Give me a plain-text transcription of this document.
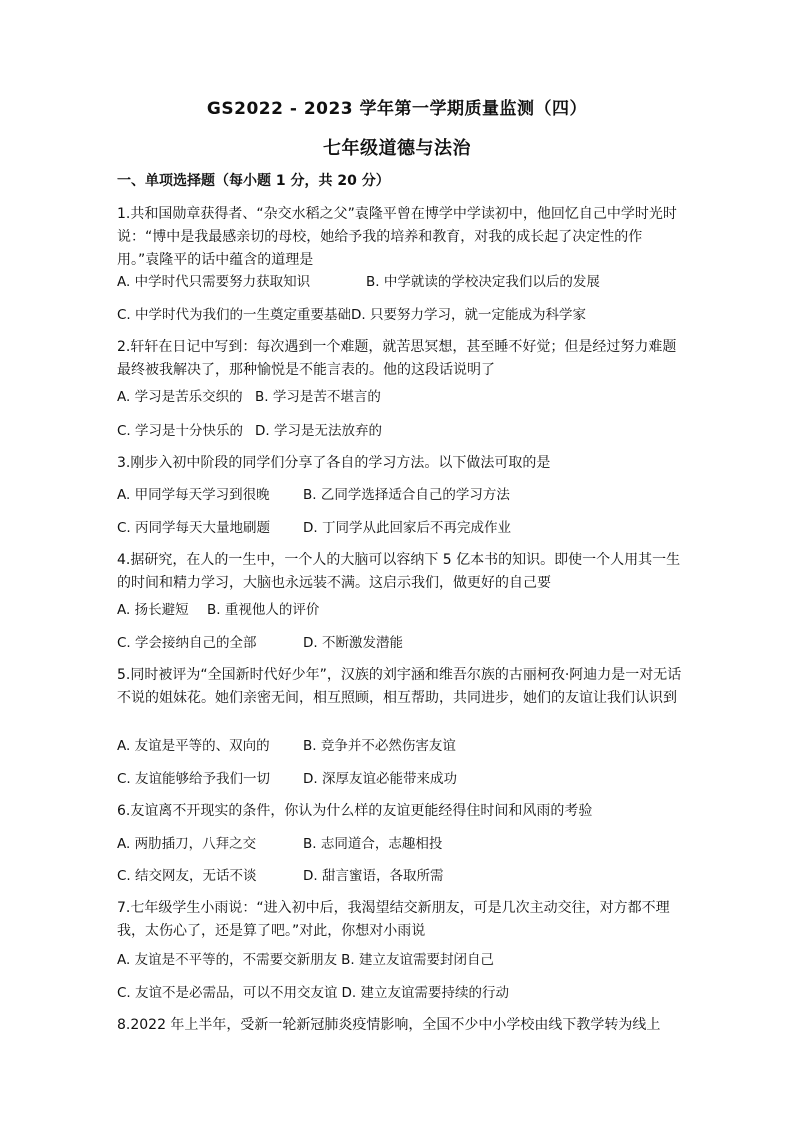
GS2022 - 2023 学年第一学期质量监测（四）
七年级道德与法治
一、单项选择题（每小题 1 分，共 20 分）
1.共和国勋章获得者、“杂交水稻之父”袁隆平曾在博学中学读初中，他回忆自己中学时光时说：“博中是我最感亲切的母校，她给予我的培养和教育，对我的成长起了决定性的作用。”袁隆平的话中蕴含的道理是
A. 中学时代只需要努力获取知识	B. 中学就读的学校决定我们以后的发展
C. 中学时代为我们的一生奠定重要基础D. 只要努力学习，就一定能成为科学家
2.轩轩在日记中写到：每次遇到一个难题，就苦思冥想，甚至睡不好觉；但是经过努力难题最终被我解决了，那种愉悦是不能言表的。他的这段话说明了
A. 学习是苦乐交织的 B. 学习是苦不堪言的
C. 学习是十分快乐的 D. 学习是无法放弃的
3.刚步入初中阶段的同学们分享了各自的学习方法。以下做法可取的是
A. 甲同学每天学习到很晚 B. 乙同学选择适合自己的学习方法
C. 丙同学每天大量地刷题 D. 丁同学从此回家后不再完成作业
4.据研究，在人的一生中，一个人的大脑可以容纳下 5 亿本书的知识。即使一个人用其一生的时间和精力学习，大脑也永远装不满。这启示我们，做更好的自己要
A. 扬长避短 B. 重视他人的评价
C. 学会接纳自己的全部	D. 不断激发潜能
5.同时被评为“全国新时代好少年”，汉族的刘宇涵和维吾尔族的古丽柯孜·阿迪力是一对无话不说的姐妹花。她们亲密无间，相互照顾，相互帮助，共同进步，她们的友谊让我们认识到
A. 友谊是平等的、双向的 B. 竞争并不必然伤害友谊
C. 友谊能够给予我们一切 D. 深厚友谊必能带来成功
6.友谊离不开现实的条件，你认为什么样的友谊更能经得住时间和风雨的考验
A. 两肋插刀，八拜之交	B. 志同道合，志趣相投
C. 结交网友，无话不谈	D. 甜言蜜语，各取所需
7.七年级学生小雨说：“进入初中后，我渴望结交新朋友，可是几次主动交往，对方都不理我，太伤心了，还是算了吧。”对此，你想对小雨说
A. 友谊是不平等的，不需要交新朋友 B. 建立友谊需要封闭自己
C. 友谊不是必需品，可以不用交友谊 D. 建立友谊需要持续的行动
8.2022 年上半年，受新一轮新冠肺炎疫情影响，全国不少中小学校由线下教学转为线上
